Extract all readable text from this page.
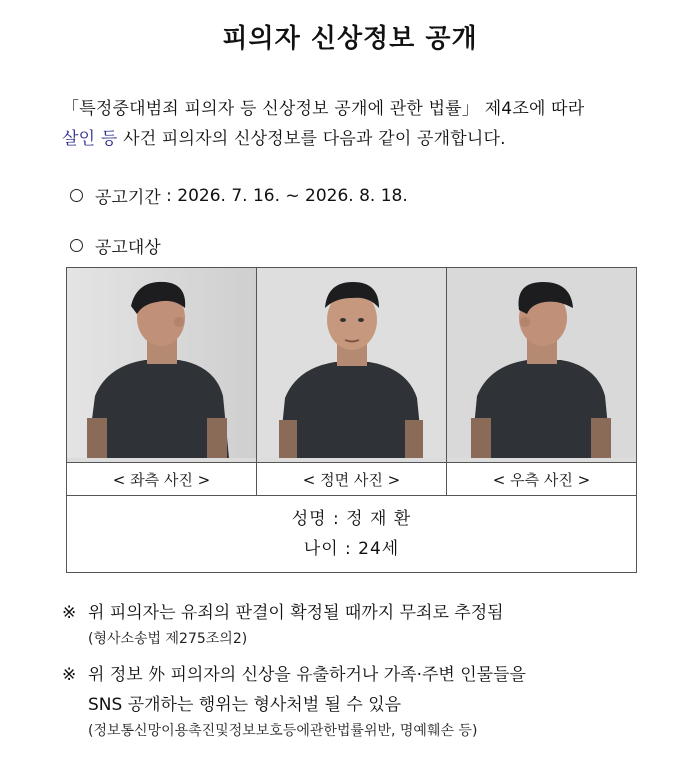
피의자 신상정보 공개
「특정중대범죄 피의자 등 신상정보 공개에 관한 법률」 제4조에 따라
살인 등 사건 피의자의 신상정보를 다음과 같이 공개합니다.
공고기간 : 2026. 7. 16. ~ 2026. 8. 18.
공고대상

< 좌측 사진 >	< 정면 사진 >	< 우측 사진 >

성명 : 정 재 환
나이 : 24세		
※ 위 피의자는 유죄의 판결이 확정될 때까지 무죄로 추정됨
(형사소송법 제275조의2)
※ 위 정보 外 피의자의 신상을 유출하거나 가족·주변 인물들을
SNS 공개하는 행위는 형사처벌 될 수 있음
(정보통신망이용촉진및정보보호등에관한법률위반, 명예훼손 등)
